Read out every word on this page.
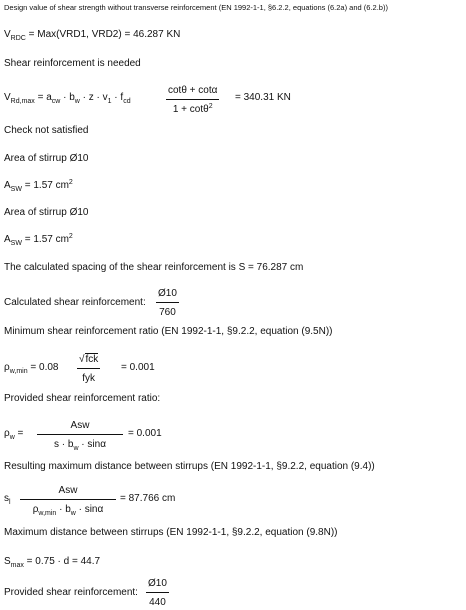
Design value of shear strength without transverse reinforcement (EN 1992-1-1, §6.2.2, equations (6.2a) and (6.2.b))
$V_{RDC} = Max(VRD1$, VRD2) = 46.287 KN
Shear reinforcement is needed
$V_{Rd,max} = a_{cw} \cdot b_w \cdot z \cdot v_1 \cdot f_{cd}$	$\frac{\cot\theta + \cot\alpha}{1 + \cot\theta^2} = 340.31$ KN
Check not satisfied
Area of stirrup Ø10
$A_{SW} = 1.57$ $cm^2$
Area of stirrup Ø10
$A_{SW} = 1.57$ $cm^2$
The calculated spacing of the shear reinforcement is S = 76.287 cm
Calculated shear reinforcement: $\frac{Ø10}{760}$
Minimum shear reinforcement ratio (EN 1992-1-1, §9.2.2, equation (9.5N))
$\rho_{w,min} = 0.08$
√fck
fyk
= 0.001
Provided shear reinforcement ratio:
$\rho_w$ =
Asw
$s \cdot b_w \cdot \sin\alpha$
= 0.001
Resulting maximum distance between stirrups (EN 1992-1-1, §9.2.2, equation (9.4))
$s_l$
Asw
$\rho_{w,min} \cdot b_w \cdot \sin\alpha$
= 87.766 cm
Maximum distance between stirrups (EN 1992-1-1, §9.2.2, equation (9.8N))
$S_{max} = 0.75 \cdot d = 44.7$
Provided shear reinforcement: $\frac{Ø10}{440}$
